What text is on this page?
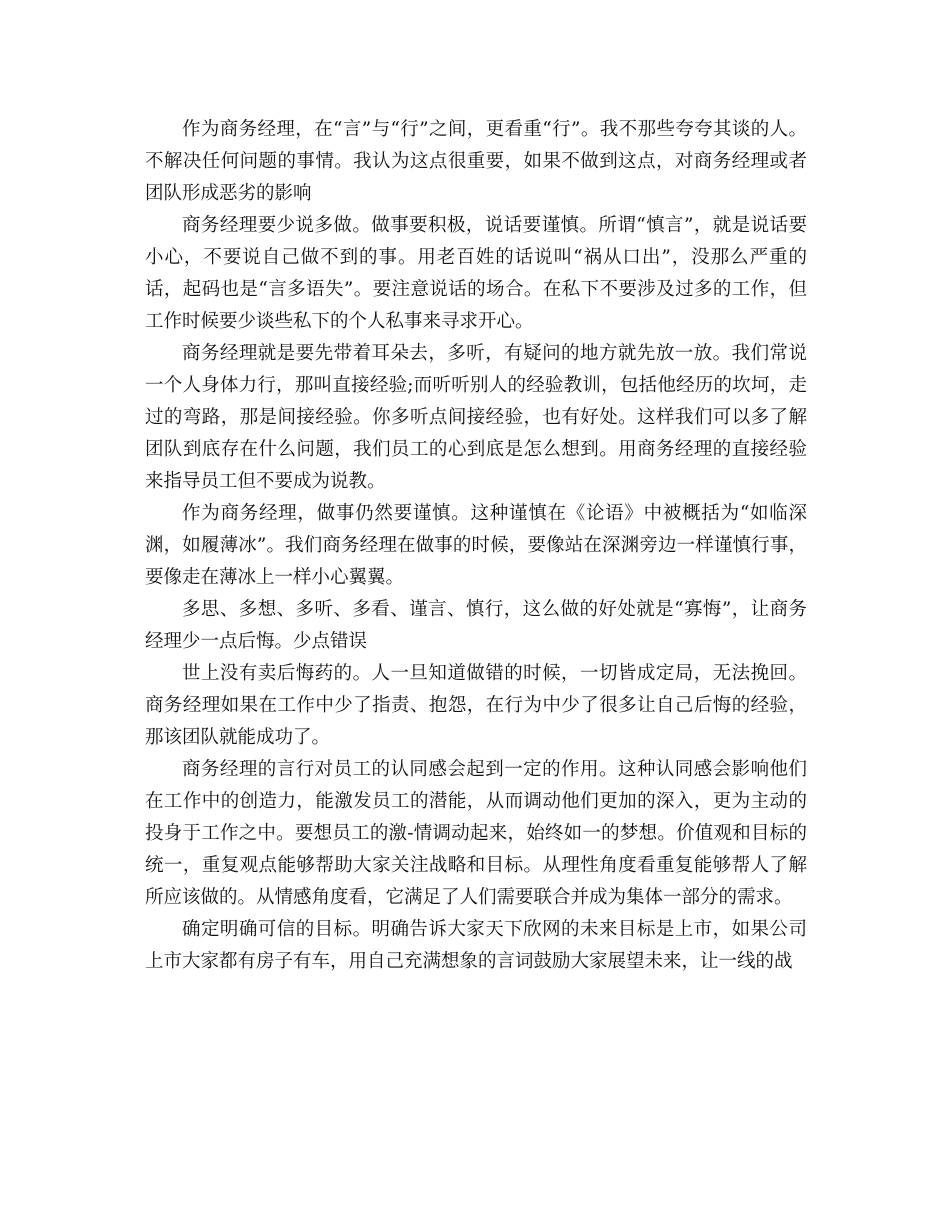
作为商务经理，在“言”与“行”之间，更看重“行”。我不那些夸夸其谈的人。不解决任何问题的事情。我认为这点很重要，如果不做到这点，对商务经理或者团队形成恶劣的影响

商务经理要少说多做。做事要积极，说话要谨慎。所谓“慎言”，就是说话要小心，不要说自己做不到的事。用老百姓的话说叫“祸从口出”，没那么严重的话，起码也是“言多语失”。要注意说话的场合。在私下不要涉及过多的工作，但工作时候要少谈些私下的个人私事来寻求开心。

商务经理就是要先带着耳朵去，多听，有疑问的地方就先放一放。我们常说一个人身体力行，那叫直接经验;而听听别人的经验教训，包括他经历的坎坷，走过的弯路，那是间接经验。你多听点间接经验，也有好处。这样我们可以多了解团队到底存在什么问题，我们员工的心到底是怎么想到。用商务经理的直接经验来指导员工但不要成为说教。

作为商务经理，做事仍然要谨慎。这种谨慎在《论语》中被概括为“如临深渊，如履薄冰”。我们商务经理在做事的时候，要像站在深渊旁边一样谨慎行事，要像走在薄冰上一样小心翼翼。

多思、多想、多听、多看、谨言、慎行，这么做的好处就是“寡悔”，让商务经理少一点后悔。少点错误

世上没有卖后悔药的。人一旦知道做错的时候，一切皆成定局，无法挽回。商务经理如果在工作中少了指责、抱怨，在行为中少了很多让自己后悔的经验，那该团队就能成功了。

商务经理的言行对员工的认同感会起到一定的作用。这种认同感会影响他们在工作中的创造力，能激发员工的潜能，从而调动他们更加的深入，更为主动的投身于工作之中。要想员工的激-情调动起来，始终如一的梦想。价值观和目标的统一，重复观点能够帮助大家关注战略和目标。从理性角度看重复能够帮人了解所应该做的。从情感角度看，它满足了人们需要联合并成为集体一部分的需求。

确定明确可信的目标。明确告诉大家天下欣网的未来目标是上市，如果公司上市大家都有房子有车，用自己充满想象的言词鼓励大家展望未来，让一线的战
